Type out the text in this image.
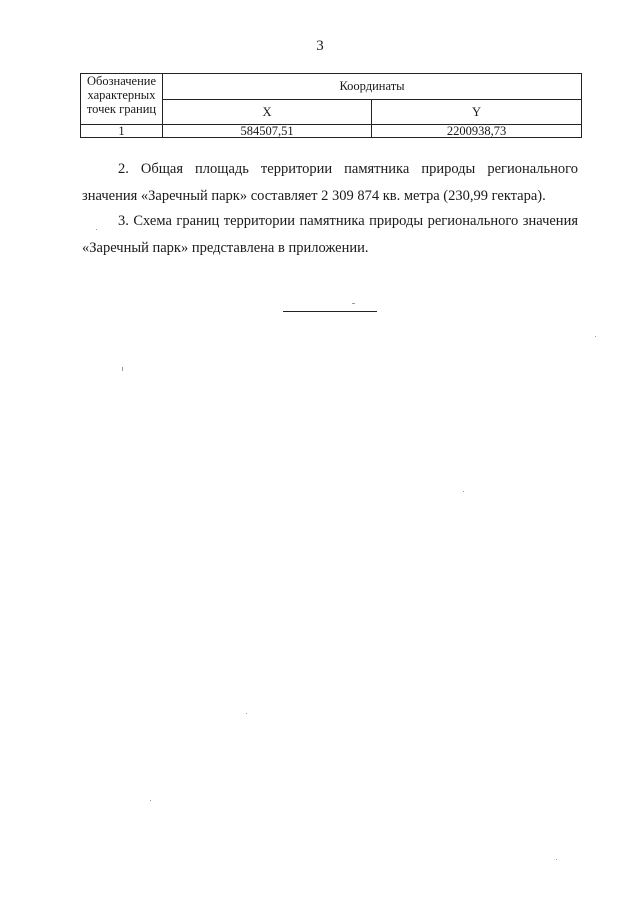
3
Обозначение характерных точек границ	Координаты	
	X	Y
1	584507,51	2200938,73

2. Общая площадь территории памятника природы регионального значения «Заречный парк» составляет 2 309 874 кв. метра (230,99 гектара).

3. Схема границ территории памятника природы регионального значения «Заречный парк» представлена в приложении.
